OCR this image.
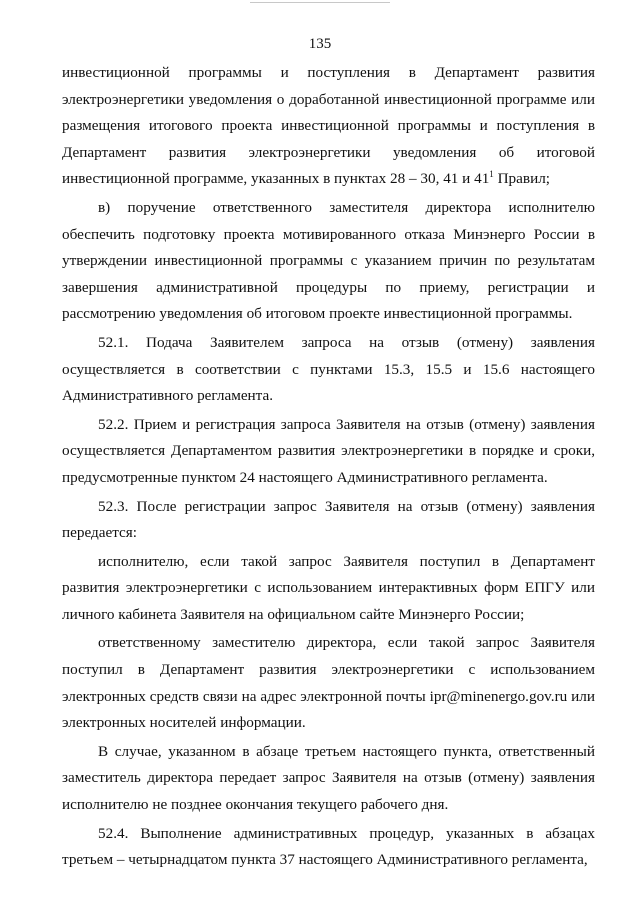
135

инвестиционной программы и поступления в Департамент развития электроэнергетики уведомления о доработанной инвестиционной программе или размещения итогового проекта инвестиционной программы и поступления в Департамент развития электроэнергетики уведомления об итоговой инвестиционной программе, указанных в пунктах 28 – 30, 41 и $41^1$ Правил;

в) поручение ответственного заместителя директора исполнителю обеспечить подготовку проекта мотивированного отказа Минэнерго России в утверждении инвестиционной программы с указанием причин по результатам завершения административной процедуры по приему, регистрации и рассмотрению уведомления об итоговом проекте инвестиционной программы.

52.1. Подача Заявителем запроса на отзыв (отмену) заявления осуществляется в соответствии с пунктами 15.3, 15.5 и 15.6 настоящего Административного регламента.

52.2. Прием и регистрация запроса Заявителя на отзыв (отмену) заявления осуществляется Департаментом развития электроэнергетики в порядке и сроки, предусмотренные пунктом 24 настоящего Административного регламента.

52.3. После регистрации запрос Заявителя на отзыв (отмену) заявления передается:

исполнителю, если такой запрос Заявителя поступил в Департамент развития электроэнергетики с использованием интерактивных форм ЕПГУ или личного кабинета Заявителя на официальном сайте Минэнерго России;

ответственному заместителю директора, если такой запрос Заявителя поступил в Департамент развития электроэнергетики с использованием электронных средств связи на адрес электронной почты ipr@minenergo.gov.ru или электронных носителей информации.

В случае, указанном в абзаце третьем настоящего пункта, ответственный заместитель директора передает запрос Заявителя на отзыв (отмену) заявления исполнителю не позднее окончания текущего рабочего дня.

52.4. Выполнение административных процедур, указанных в абзацах третьем – четырнадцатом пункта 37 настоящего Административного регламента,
